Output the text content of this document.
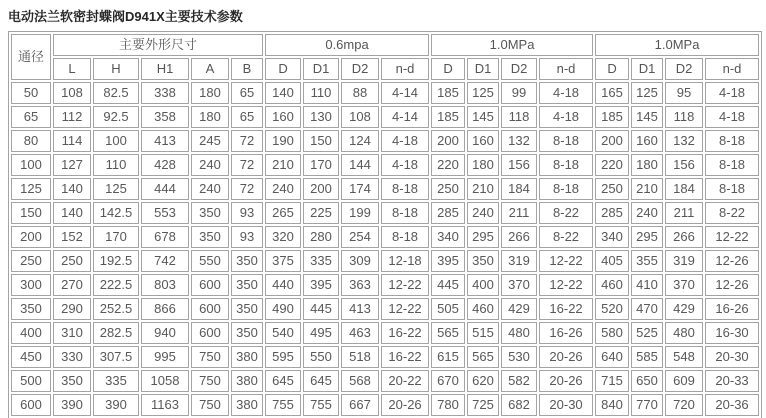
电动法兰软密封蝶阀D941X主要技术参数
通径	主要外形尺寸					0.6mpa				1.0MPa				1.0MPa			
	L	H	H1	A	B	D	D1	D2	n-d	D	D1	D2	n-d	D	D1	D2	n-d
50	108	82.5	338	180	65	140	110	88	4-14	185	125	99	4-18	165	125	95	4-18
65	112	92.5	358	180	65	160	130	108	4-14	185	145	118	4-18	185	145	118	4-18
80	114	100	413	245	72	190	150	124	4-18	200	160	132	8-18	200	160	132	8-18
100	127	110	428	240	72	210	170	144	4-18	220	180	156	8-18	220	180	156	8-18
125	140	125	444	240	72	240	200	174	8-18	250	210	184	8-18	250	210	184	8-18
150	140	142.5	553	350	93	265	225	199	8-18	285	240	211	8-22	285	240	211	8-22
200	152	170	678	350	93	320	280	254	8-18	340	295	266	8-22	340	295	266	12-22
250	250	192.5	742	550	350	375	335	309	12-18	395	350	319	12-22	405	355	319	12-26
300	270	222.5	803	600	350	440	395	363	12-22	445	400	370	12-22	460	410	370	12-26
350	290	252.5	866	600	350	490	445	413	12-22	505	460	429	16-22	520	470	429	16-26
400	310	282.5	940	600	350	540	495	463	16-22	565	515	480	16-26	580	525	480	16-30
450	330	307.5	995	750	380	595	550	518	16-22	615	565	530	20-26	640	585	548	20-30
500	350	335	1058	750	380	645	645	568	20-22	670	620	582	20-26	715	650	609	20-33
600	390	390	1163	750	380	755	755	667	20-26	780	725	682	20-30	840	770	720	20-36
